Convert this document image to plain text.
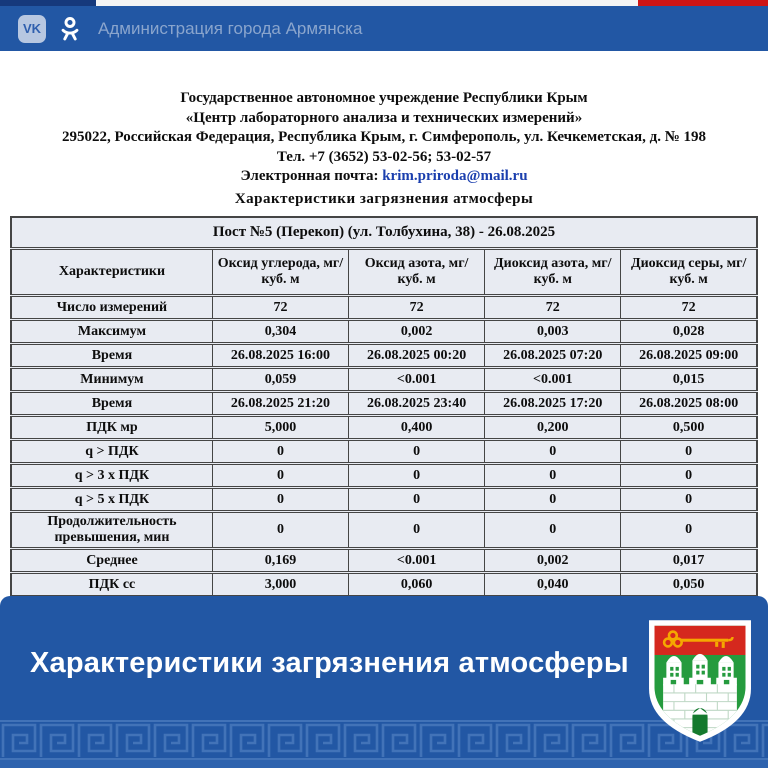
VK	Администрация города Армянска
Государственное автономное учреждение Республики Крым
«Центр лабораторного анализа и технических измерений»
295022, Российская Федерация, Республика Крым, г. Симферополь, ул. Кечкеметская, д. № 198
Тел. +7 (3652) 53-02-56; 53-02-57
Электронная почта: krim.priroda@mail.ru
Характеристики загрязнения атмосферы
Пост №5 (Перекоп) (ул. Толбухина, 38) - 26.08.2025				
Характеристики	Оксид углерода, мг/куб. м	Оксид азота, мг/куб. м	Диоксид азота, мг/куб. м	Диоксид серы, мг/куб. м
Число измерений	72	72	72	72
Максимум	0,304	0,002	0,003	0,028
Время	26.08.2025 16:00	26.08.2025 00:20	26.08.2025 07:20	26.08.2025 09:00
Минимум	0,059	<0.001	<0.001	0,015
Время	26.08.2025 21:20	26.08.2025 23:40	26.08.2025 17:20	26.08.2025 08:00
ПДК мр	5,000	0,400	0,200	0,500
q > ПДК	0	0	0	0
q > 3 x ПДК	0	0	0	0
q > 5 x ПДК	0	0	0	0
Продолжительность превышения, мин	0	0	0	0
Среднее	0,169	<0.001	0,002	0,017
ПДК сс	3,000	0,060	0,040	0,050

Характеристики загрязнения атмосферы
